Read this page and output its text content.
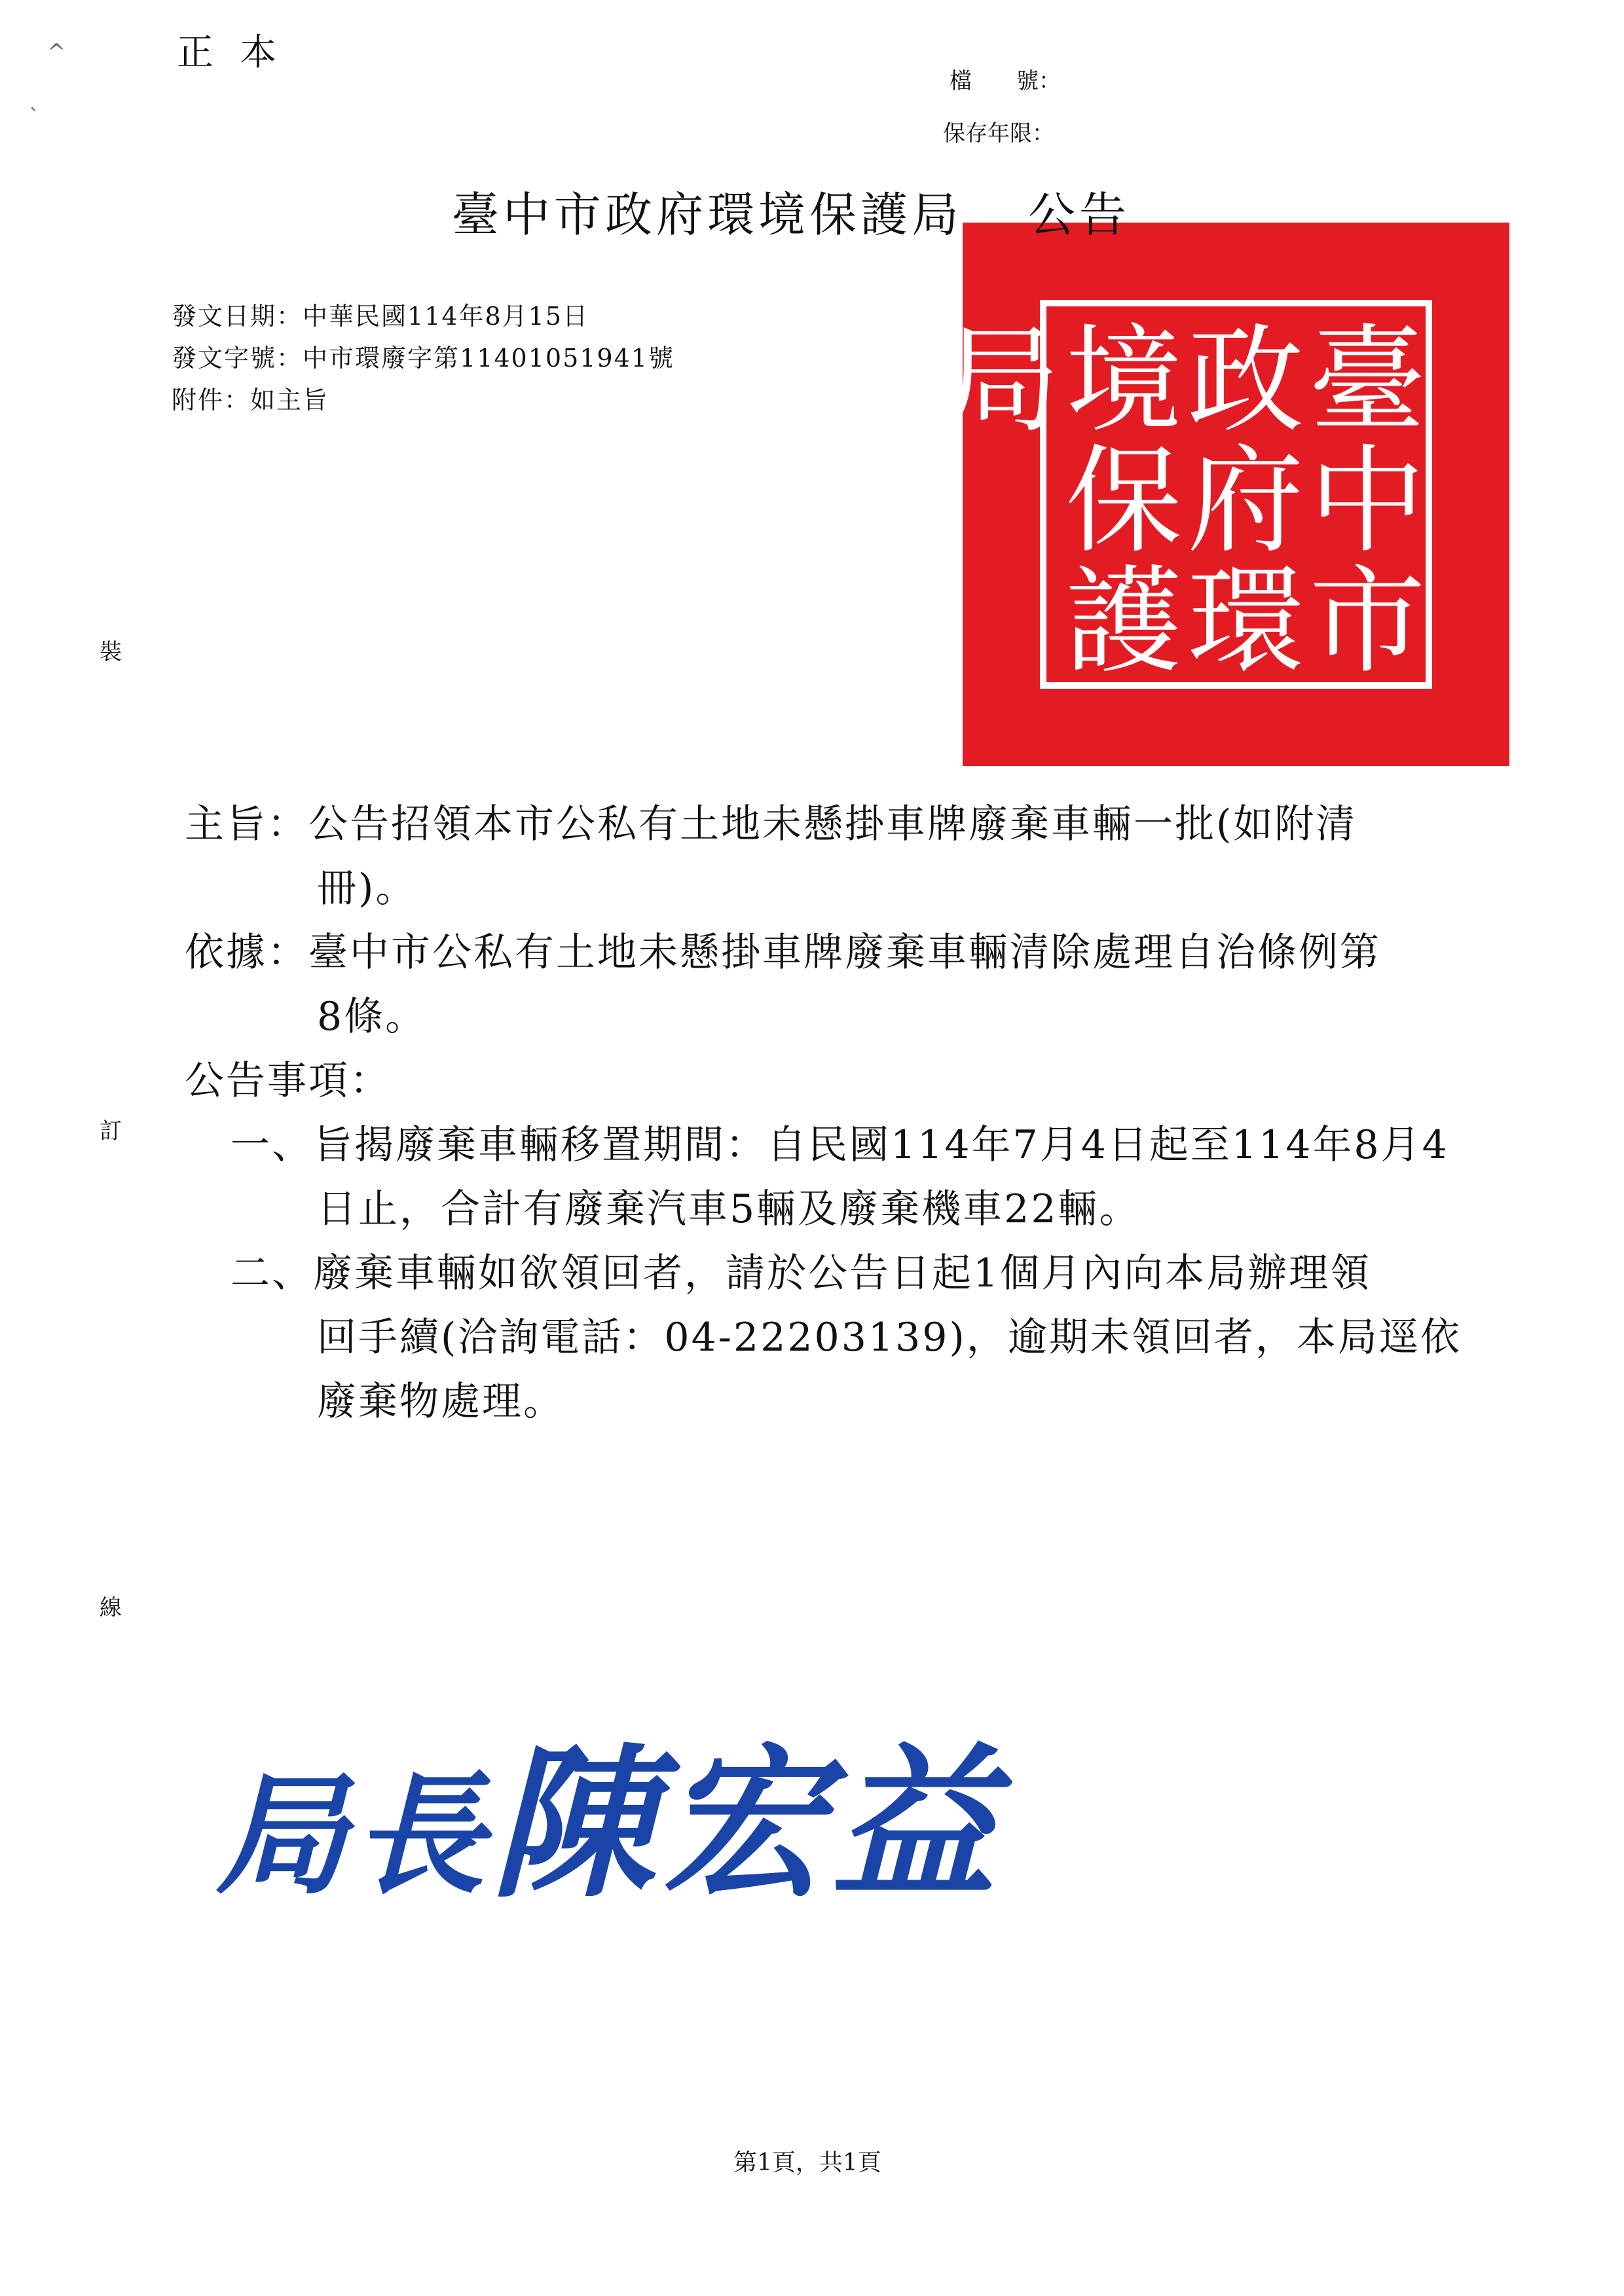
^
`
正本
檔　　號：
保存年限：
臺中市政府環境保護局
臺中市政府環境保護局 公告
發文日期：中華民國114年8月15日
發文字號：中市環廢字第11401051941號
附件：如主旨
裝
訂
線
主旨：公告招領本市公私有土地未懸掛車牌廢棄車輛一批(如附清
冊)。
依據：臺中市公私有土地未懸掛車牌廢棄車輛清除處理自治條例第
8條。
公告事項：
一、旨揭廢棄車輛移置期間：自民國114年7月4日起至114年8月4
日止，合計有廢棄汽車5輛及廢棄機車22輛。
二、廢棄車輛如欲領回者，請於公告日起1個月內向本局辦理領
回手續(洽詢電話：04-22203139)，逾期未領回者，本局逕依
廢棄物處理。
局長陳宏益
第1頁，共1頁
